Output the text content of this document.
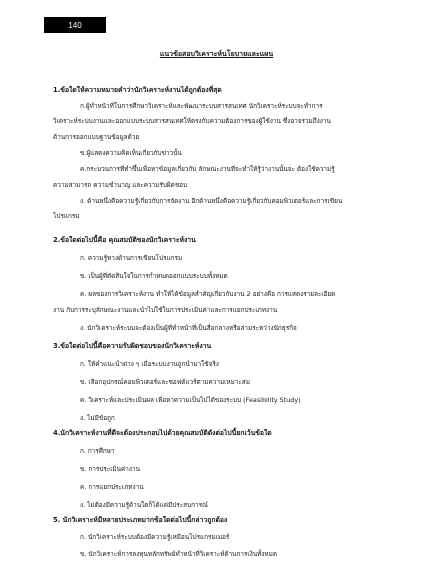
140
แนวข้อสอบวิเคราะห์นโยบายและแผน
1.ข้อใดให้ความหมายคำว่านักวิเคราะห์งานได้ถูกต้องที่สุด
ก.ผู้ทำหน้าที่ในการศึกษาวิเคราะห์และพัฒนาระบบสารสนเทศ นักวิเคราะห์ระบบจะทำการ
วิเคราะห์ระบบงานและออกแบบระบบสารสนเทศให้ตรงกับความต้องการของผู้ใช้งาน ซึ่งอาจรวมถึงงาน
ด้านการออกแบบฐานข้อมูลด้วย
ข.ผู้แสดงความคิดเห็นเกี่ยวกับข่าวนั้น
ค.กระบวนการที่ทำขึ้นเพื่อหาข้อมูลเกี่ยวกับ ลักษณะงานที่จะทำให้รู้ว่างานนั้นจะ ต้องใช้ความรู้
ความสามารถ ความชำนาญ และความรับผิดชอบ
ง. ด้านหนึ่งคือความรู้เกี่ยวกับการจัดงาน อีกด้านหนึ่งคือความรู้เกี่ยวกับคอมพิวเตอร์และการเขียน
โปรแกรม
2.ข้อใดต่อไปนี้คือ คุณสมบัติของนักวิเคราะห์งาน
ก. ความรู้ทางด้านการเขียนโปรแกรม
ข. เป็นผู้ที่ตัดสินใจในการกำหนดออกแบบระบบทั้งหมด
ค. ผลของการวิเคราะห์งาน ทำให้ได้ข้อมูลสำคัญเกี่ยวกับงาน 2 อย่างคือ การแสดงรายละเอียด
งาน กับการระบุลักษณะงานและนำไปใช้ในการประเมินค่าและการแยกประเภทงาน
ง. นักวิเคราะห์ระบบจะต้องเป็นผู้ที่ทำหน้าที่เป็นสื่อกลางหรือล่ามระหว่างนักธุรกิจ
3.ข้อใดต่อไปนี้คือความรับผิดชอบของนักวิเคราะห์งาน
ก. ให้คำแนะนำต่าง ๆ เมื่อระบบงานถูกนำมาใช้จริง
ข. เลือกอุปกรณ์คอมพิวเตอร์และซอฟต์แวร์ตามความเหมาะสม
ค. วิเคราะห์และประเมินผล เพื่อหาความเป็นไปได้ของระบบ (Feasibility Study)
ง. ไม่มีข้อถูก
4.นักวิเคราะห์งานที่ดีจะต้องประกอบไปด้วยคุณสมบัติดังต่อไปนี้ยกเว้นข้อใด
ก. การศึกษา
ข. การประเมินค่างาน
ค. การแยกประเภทงาน
ง. ไม่ต้องมีความรู้ด้านใดก็ได้แค่มีประสบการณ์
5. นักวิเคราะห์มีหลายประเภทมากข้อใดต่อไปนี้กล่าวถูกต้อง
ก. นักวิเคราะห์ระบบต้องมีความรู้เหมือนโปรแกรมเมอร์
ข. นักวิเคราะห์การลงทุนหลักทรัพย์ทำหน้าที่วิเคราะห์ด้านการเงินทั้งหมด
